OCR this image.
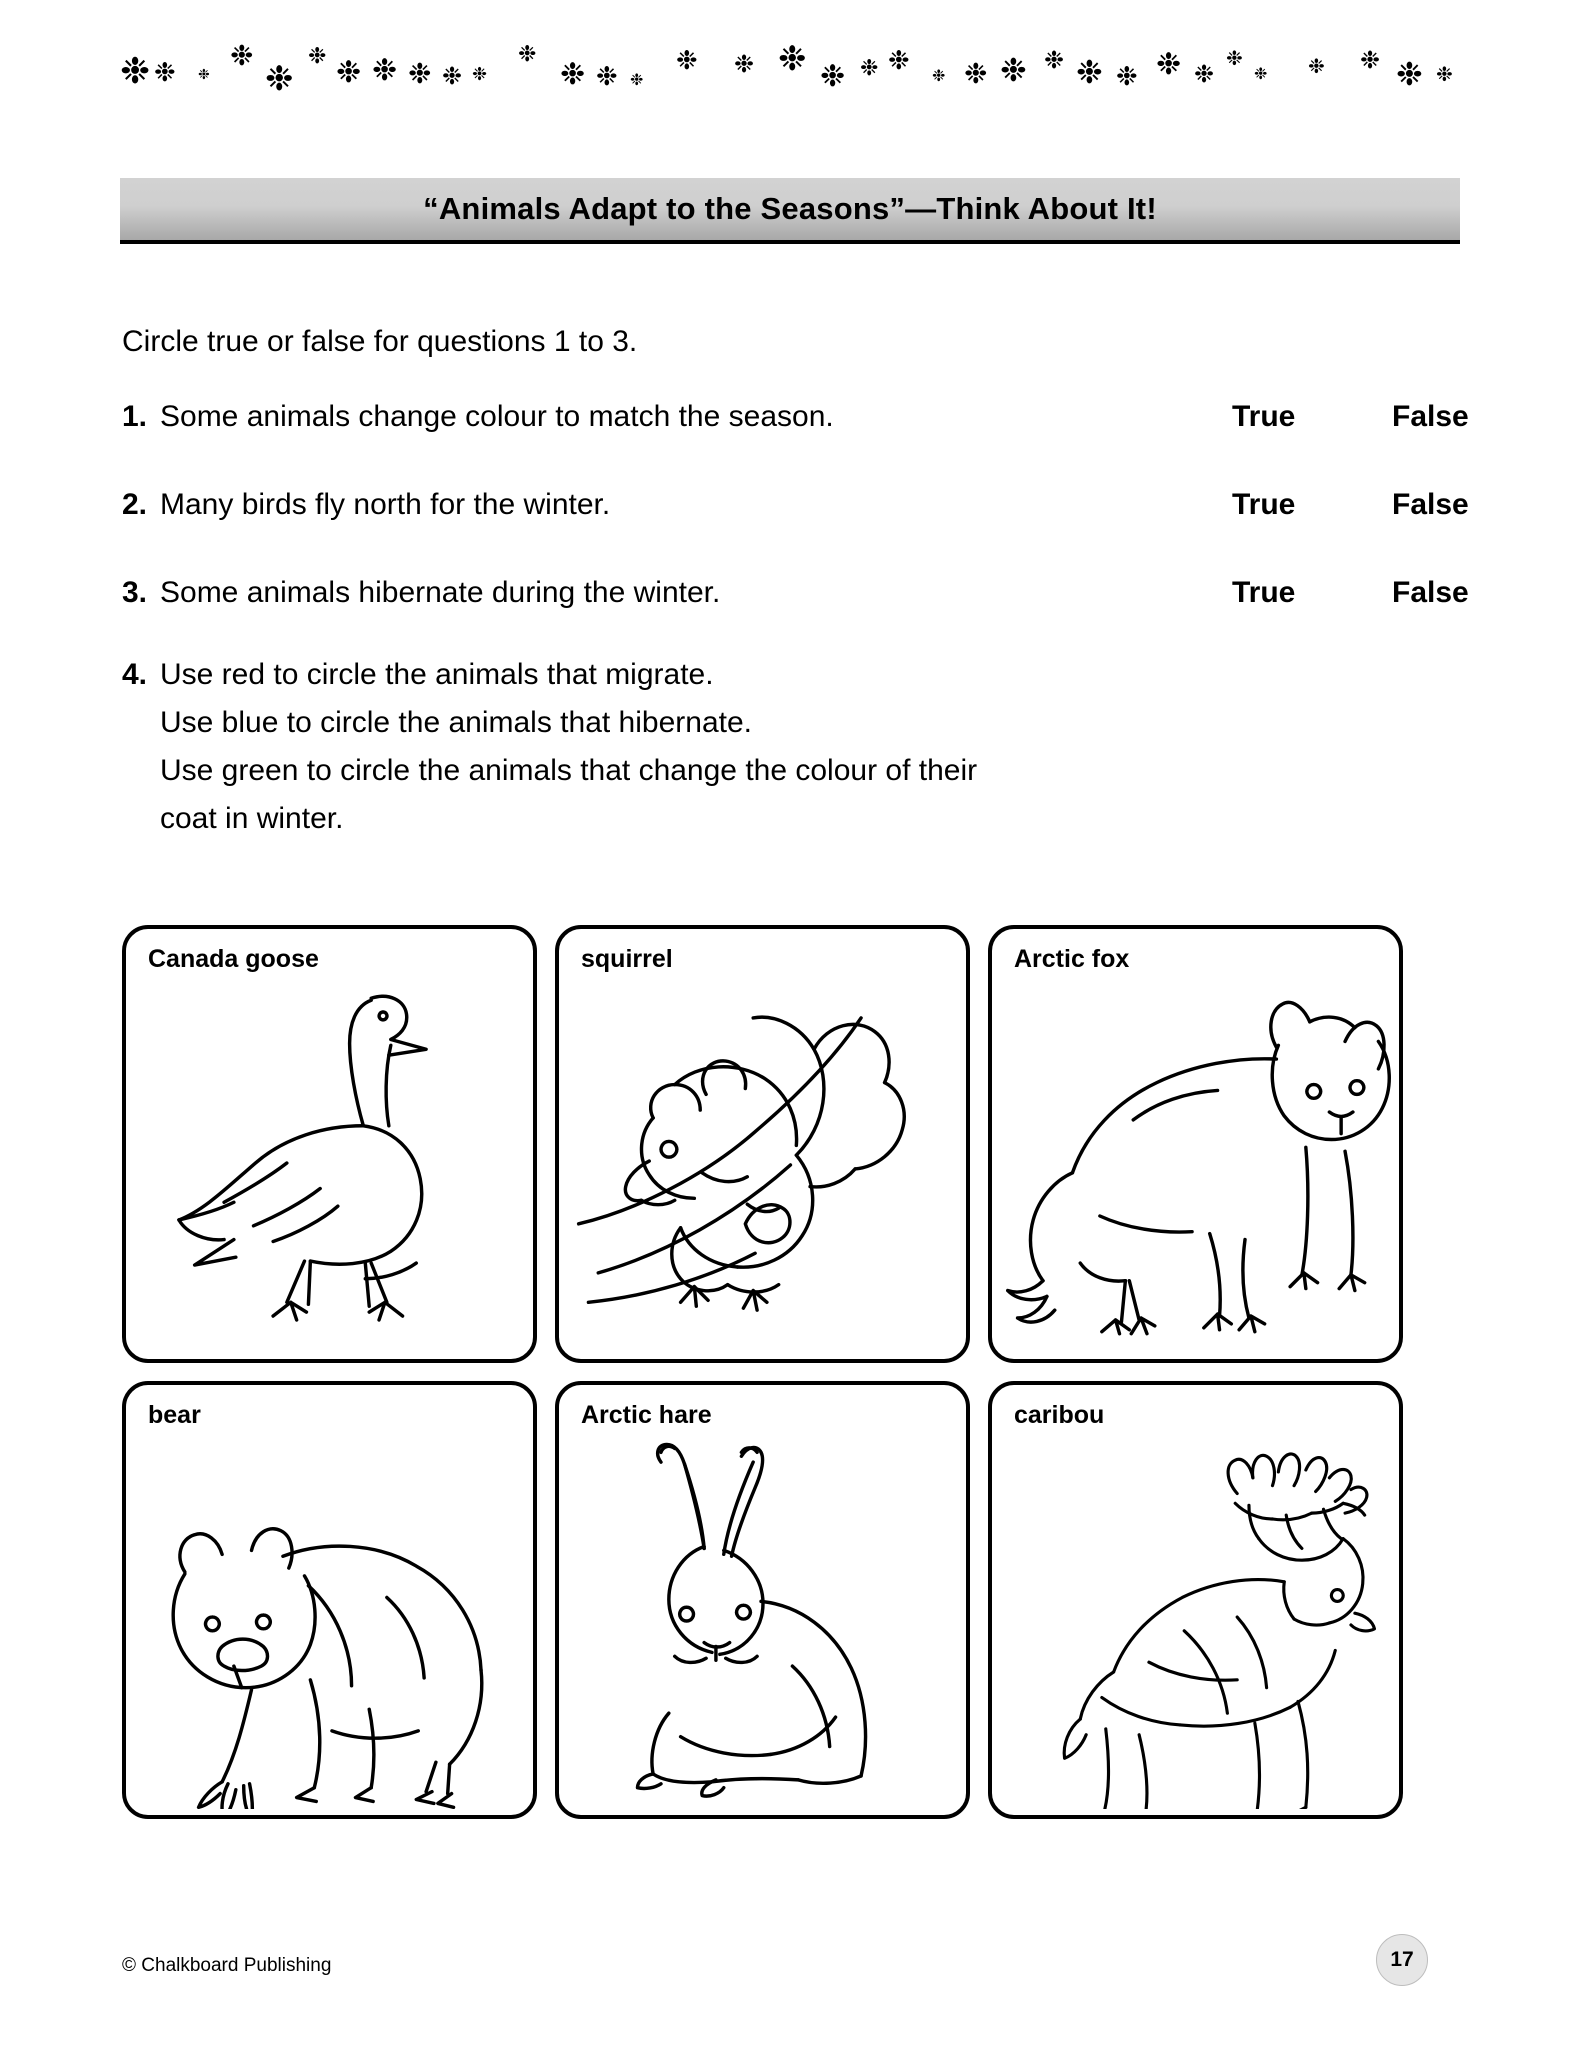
❉ ❉ ❉
❉
❉
❉ ❉ ❉ ❉ ❉ ❉
❉
❉ ❉ ❉
❉ ❉ ❉ ❉ ❉ ❉ ❉ ❉ ❉ ❉ ❉ ❉ ❉ ❉
❉
❉ ❉ ❉ ❉ ❉
“Animals Adapt to the Seasons”—Think About It!
Circle true or false for questions 1 to 3.
1. Some animals change colour to match the season.	True	False
2. Many birds fly north for the winter.	True	False
3. Some animals hibernate during the winter.	True	False
4. Use red to circle the animals that migrate.
Use blue to circle the animals that hibernate.
Use green to circle the animals that change the colour of their
coat in winter.
Canada goose	squirrel	Arctic fox
bear	Arctic hare	caribou
© Chalkboard Publishing	17
